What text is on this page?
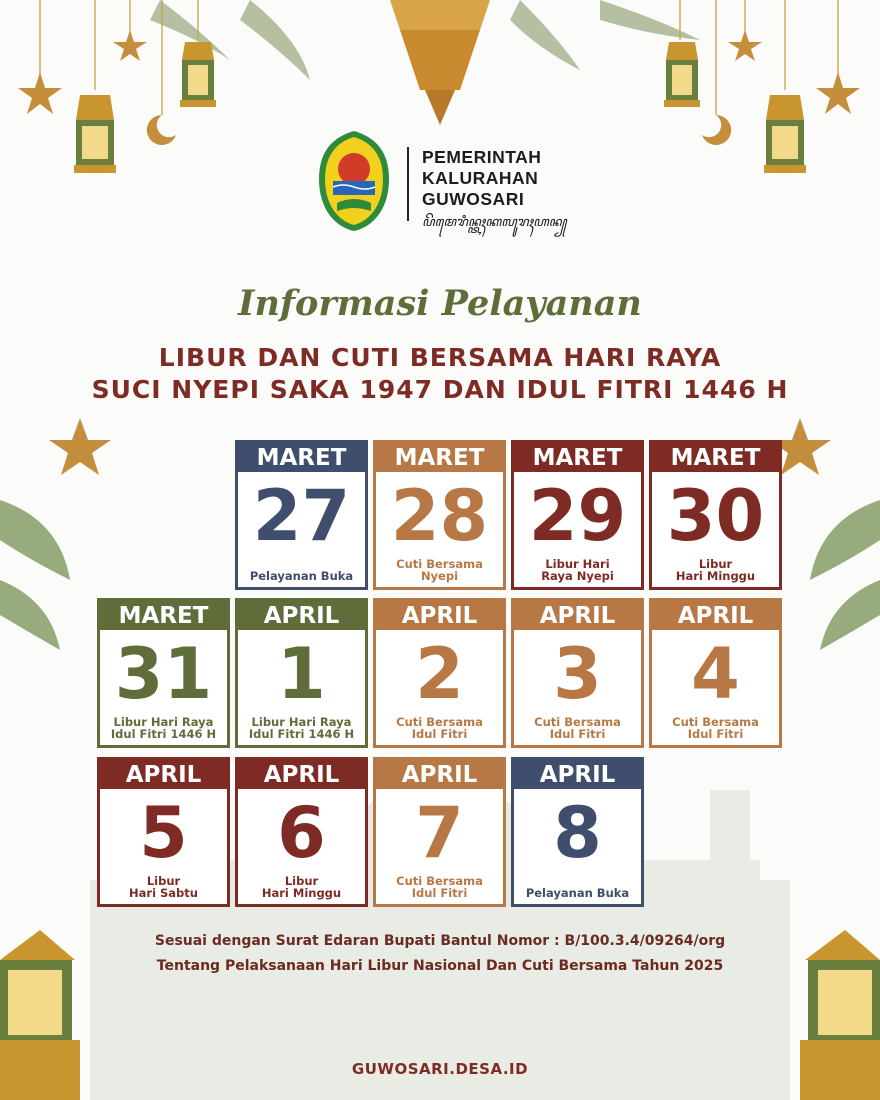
PEMERINTAH
KALURAHAN
GUWOSARI
ꦥꦼꦩꦺꦫꦶꦤ꧀ꦠꦃꦏꦭꦸꦫꦃꦲꦤ꧀
Informasi Pelayanan
LIBUR DAN CUTI BERSAMA HARI RAYA
SUCI NYEPI SAKA 1947 DAN IDUL FITRI 1446 H
MARET
27
Pelayanan Buka
MARET
28
Cuti Bersama
Nyepi
MARET
29
Libur Hari
Raya Nyepi
MARET
30
Libur
Hari Minggu
MARET
31
Libur Hari Raya
Idul Fitri 1446 H
APRIL
1
Libur Hari Raya
Idul Fitri 1446 H
APRIL
2
Cuti Bersama
Idul Fitri
APRIL
3
Cuti Bersama
Idul Fitri
APRIL
4
Cuti Bersama
Idul Fitri
APRIL
5
Libur
Hari Sabtu
APRIL
6
Libur
Hari Minggu
APRIL
7
Cuti Bersama
Idul Fitri
APRIL
8
Pelayanan Buka
Sesuai dengan Surat Edaran Bupati Bantul Nomor : B/100.3.4/09264/org
Tentang Pelaksanaan Hari Libur Nasional Dan Cuti Bersama Tahun 2025
GUWOSARI.DESA.ID
